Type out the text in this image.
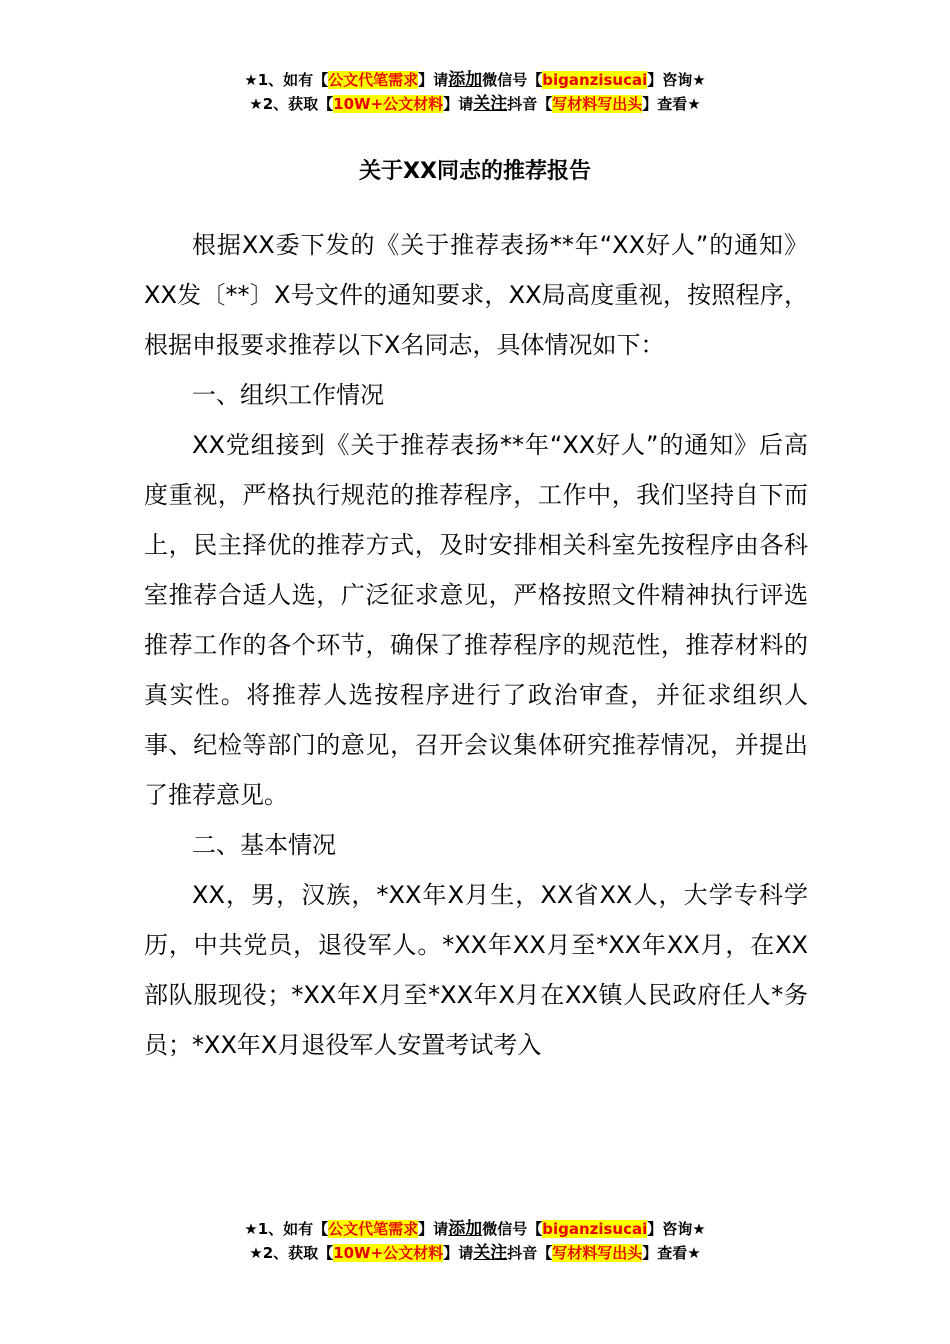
★1、如有【公文代笔需求】请添加微信号【biganzisucai】咨询★
★2、获取【10W+公文材料】请关注抖音【写材料写出头】查看★
关于XX同志的推荐报告

根据XX委下发的《关于推荐表扬**年“XX好人”的通知》XX发〔**〕X号文件的通知要求，XX局高度重视，按照程序，根据申报要求推荐以下X名同志，具体情况如下：

一、组织工作情况

XX党组接到《关于推荐表扬**年“XX好人”的通知》后高度重视，严格执行规范的推荐程序，工作中，我们坚持自下而上，民主择优的推荐方式，及时安排相关科室先按程序由各科室推荐合适人选，广泛征求意见，严格按照文件精神执行评选推荐工作的各个环节，确保了推荐程序的规范性，推荐材料的真实性。将推荐人选按程序进行了政治审查，并征求组织人事、纪检等部门的意见，召开会议集体研究推荐情况，并提出了推荐意见。

二、基本情况

XX，男，汉族，*XX年X月生，XX省XX人，大学专科学历，中共党员，退役军人。*XX年XX月至*XX年XX月，在XX部队服现役；*XX年X月至*XX年X月在XX镇人民政府任人*务员；*XX年X月退役军人安置考试考入

★1、如有【公文代笔需求】请添加微信号【biganzisucai】咨询★
★2、获取【10W+公文材料】请关注抖音【写材料写出头】查看★
